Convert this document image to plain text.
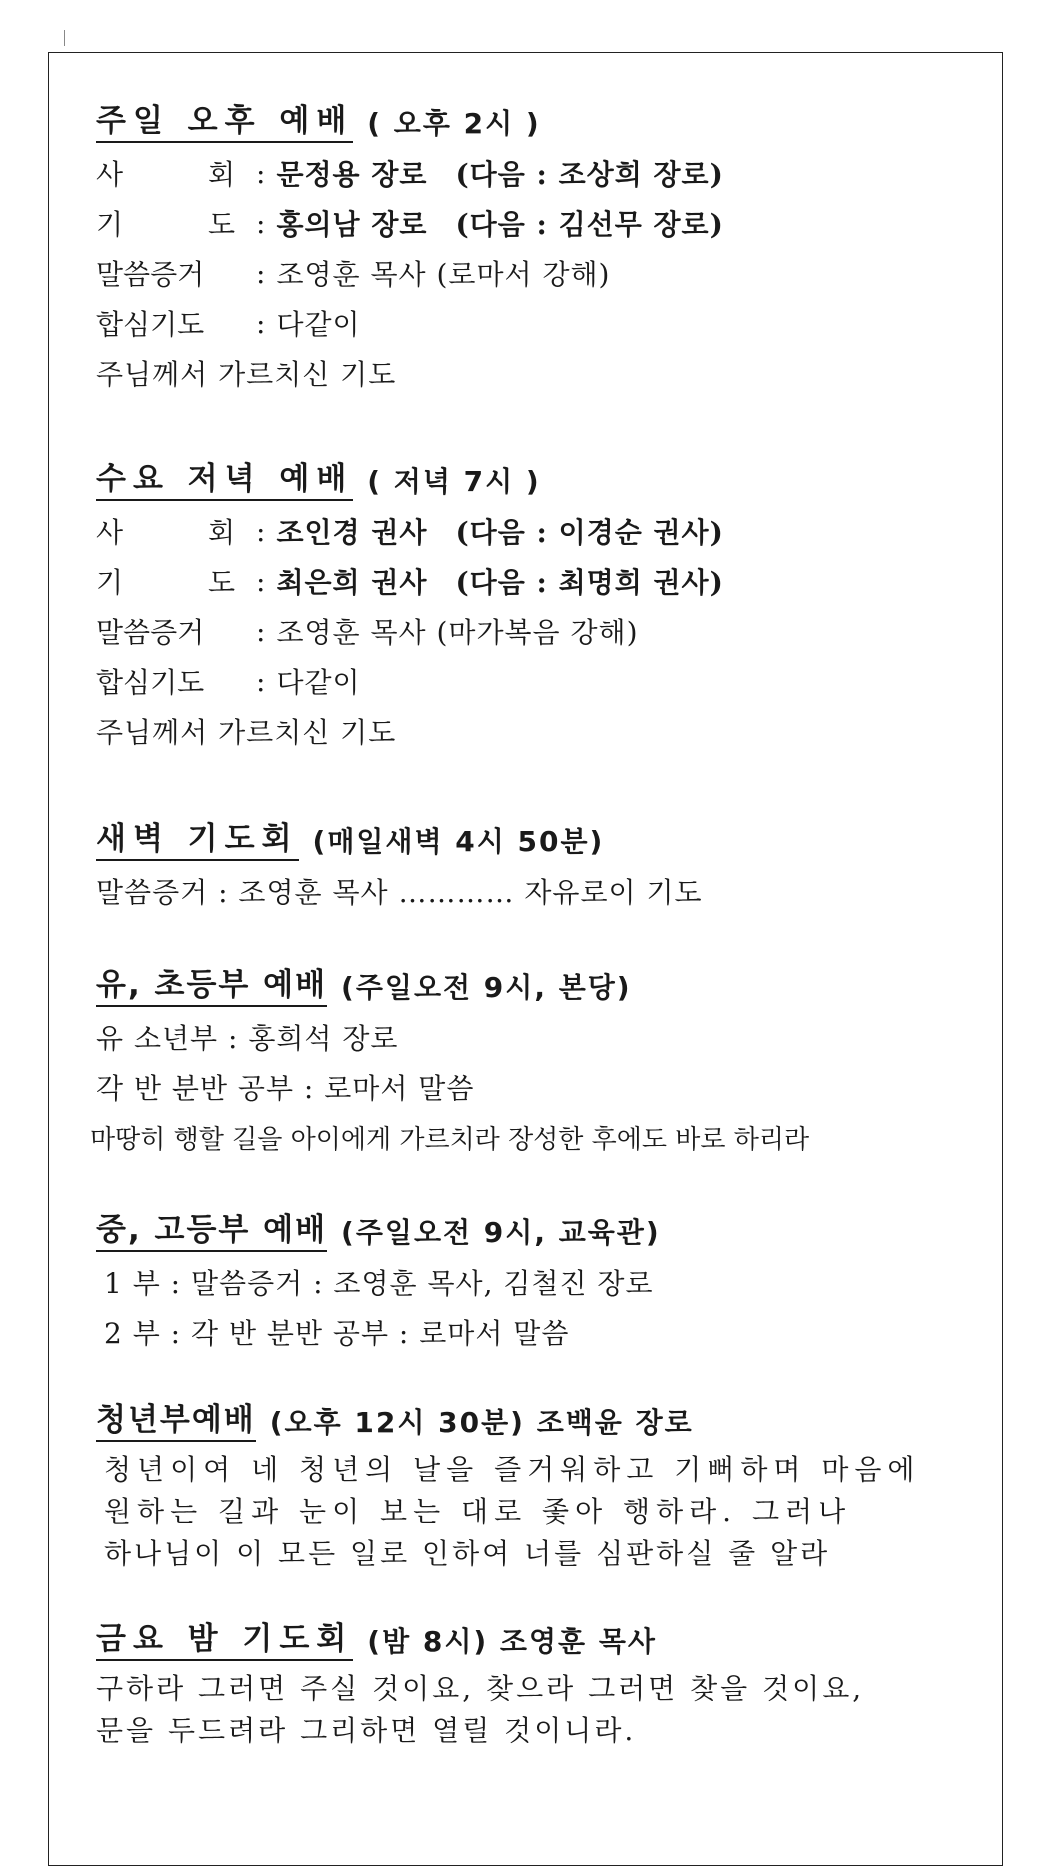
주일 오후 예배 ( 오후 2시 )
사	회 : 문정용 장로 (다음 : 조상희 장로)
기	도 : 홍의남 장로 (다음 : 김선무 장로)
말씀증거	: 조영훈 목사 (로마서 강해)
합심기도	: 다같이
주님께서 가르치신 기도
수요 저녁 예배 ( 저녁 7시 )
사	회 : 조인경 권사 (다음 : 이경순 권사)
기	도 : 최은희 권사 (다음 : 최명희 권사)
말씀증거	: 조영훈 목사 (마가복음 강해)
합심기도	: 다같이
주님께서 가르치신 기도
새벽 기도회 (매일새벽 4시 50분)
말씀증거 : 조영훈 목사 ………… 자유로이 기도
유, 초등부 예배 (주일오전 9시, 본당)
유 소년부 : 홍희석 장로
각 반 분반 공부 : 로마서 말씀
마땅히 행할 길을 아이에게 가르치라 장성한 후에도 바로 하리라
중, 고등부 예배 (주일오전 9시, 교육관)
1 부 : 말씀증거 : 조영훈 목사, 김철진 장로
2 부 : 각 반 분반 공부 : 로마서 말씀
청년부예배 (오후 12시 30분) 조백윤 장로
청년이여 네 청년의 날을 즐거워하고 기뻐하며 마음에
원하는 길과 눈이 보는 대로 좇아 행하라. 그러나
하나님이 이 모든 일로 인하여 너를 심판하실 줄 알라
금요 밤 기도회 (밤 8시) 조영훈 목사
구하라 그러면 주실 것이요, 찾으라 그러면 찾을 것이요,
문을 두드려라 그리하면 열릴 것이니라.
